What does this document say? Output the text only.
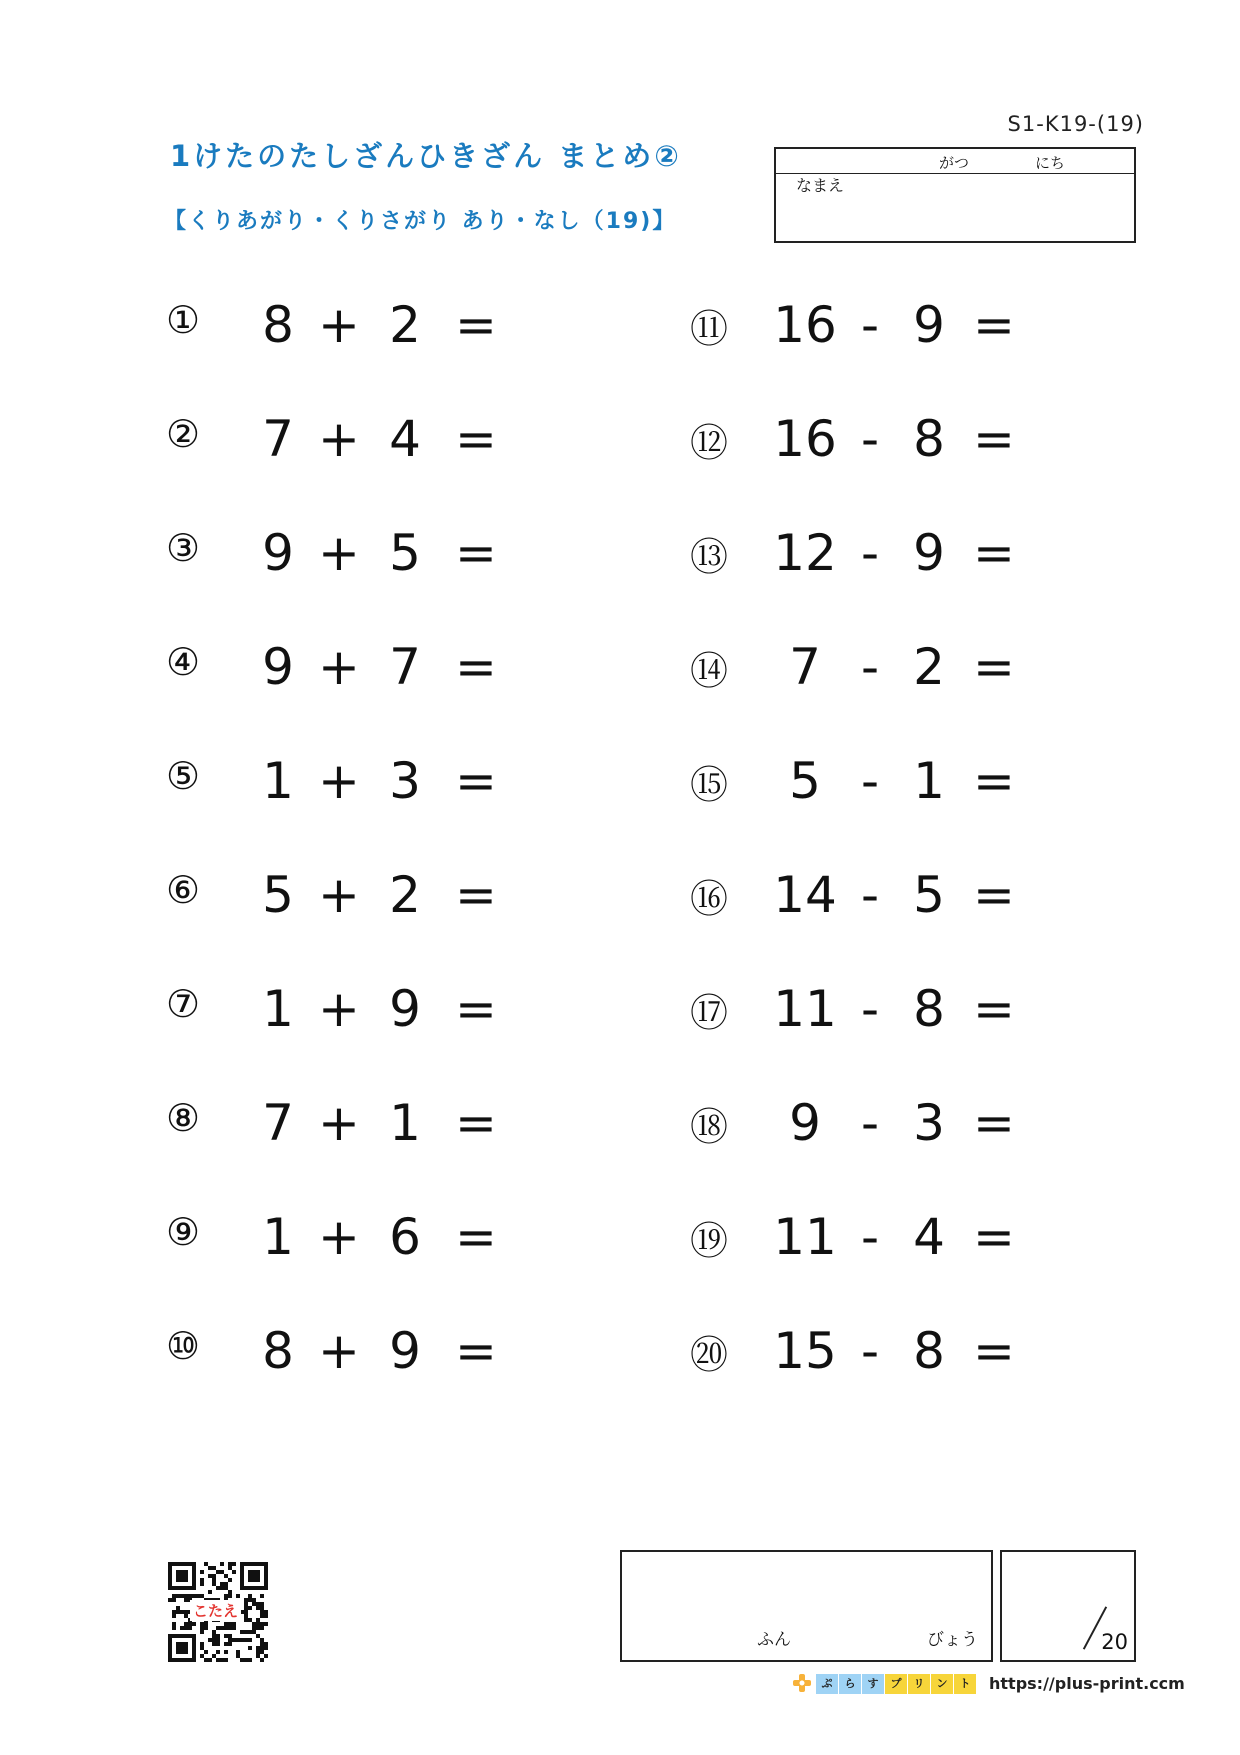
S1-K19-(19)
1けたのたしざんひきざん まとめ②
【くりあがり・くりさがり あり・なし（19)】
がつ	にち
なまえ
①	8 + 2 =
②	7 + 4 =
③	9 + 5 =
④	9 + 7 =
⑤	1 + 3 =
⑥	5 + 2 =
⑦	1 + 9 =
⑧	7 + 1 =
⑨	1 + 6 =
⑩	8 + 9 =
⑪ 16 - 9 =
⑫ 16 - 8 =
⑬ 12 - 9 =
⑭	7 - 2 =
⑮	5 - 1 =
⑯ 14 - 5 =
⑰ 11 - 8 =
⑱	9 - 3 =
⑲ 11 - 4 =
⑳ 15 - 8 =
こたえ
ふん	びょう	20
ぷ ら す プ リ ン ト	https://plus-print.ccm
